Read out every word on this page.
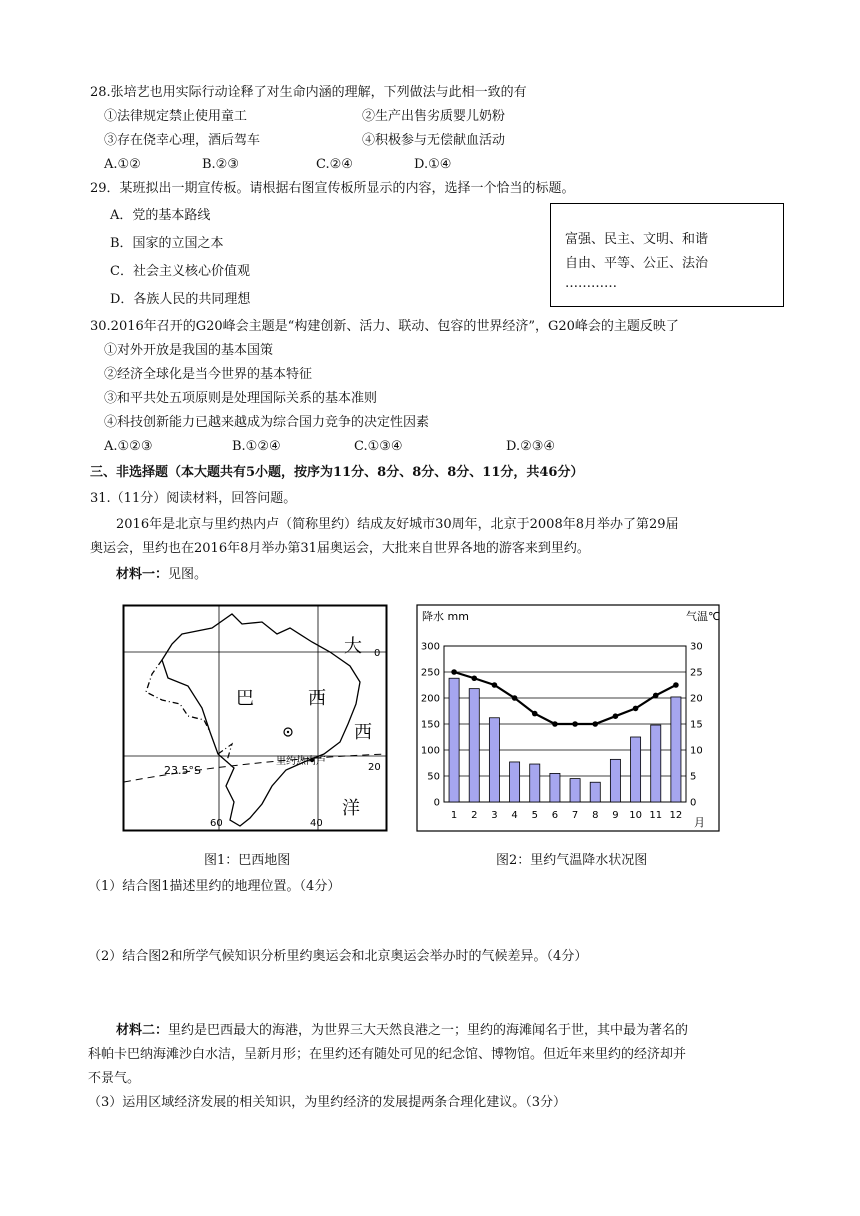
28.张培艺也用实际行动诠释了对生命内涵的理解，下列做法与此相一致的有
①法律规定禁止使用童工	②生产出售劣质婴儿奶粉
③存在侥幸心理，酒后驾车	④积极参与无偿献血活动
A.①②	B.②③	C.②④	D.①④
29．某班拟出一期宣传板。请根据右图宣传板所显示的内容，选择一个恰当的标题。
A．党的基本路线
B．国家的立国之本
C．社会主义核心价值观
D．各族人民的共同理想
富强、民主、文明、和谐
自由、平等、公正、法治
…………
30.2016年召开的G20峰会主题是“构建创新、活力、联动、包容的世界经济”，G20峰会的主题反映了
①对外开放是我国的基本国策
②经济全球化是当今世界的基本特征
③和平共处五项原则是处理国际关系的基本准则
④科技创新能力已越来越成为综合国力竞争的决定性因素
A.①②③	B.①②④	C.①③④	D.②③④
三、非选择题（本大题共有5小题，按序为11分、8分、8分、8分、11分，共46分）
31.（11分）阅读材料，回答问题。
2016年是北京与里约热内卢（简称里约）结成友好城市30周年，北京于2008年8月举办了第29届
奥运会，里约也在2016年8月举办第31届奥运会，大批来自世界各地的游客来到里约。
材料一：见图。
巴	西
大
西
洋
23.5°S
里约热内卢
0
20
60	40
图1：巴西地图
降水 mm	气温℃
月
0
50
100
150
200
250
300
0
5
10
15
20
25
30
1 2 3 4 5 6 7 8 9 10 11 12
图2：里约气温降水状况图
（1）结合图1描述里约的地理位置。（4分）
（2）结合图2和所学气候知识分析里约奥运会和北京奥运会举办时的气候差异。（4分）
材料二：里约是巴西最大的海港，为世界三大天然良港之一；里约的海滩闻名于世，其中最为著名的
科帕卡巴纳海滩沙白水洁，呈新月形；在里约还有随处可见的纪念馆、博物馆。但近年来里约的经济却并
不景气。
（3）运用区域经济发展的相关知识，为里约经济的发展提两条合理化建议。（3分）
